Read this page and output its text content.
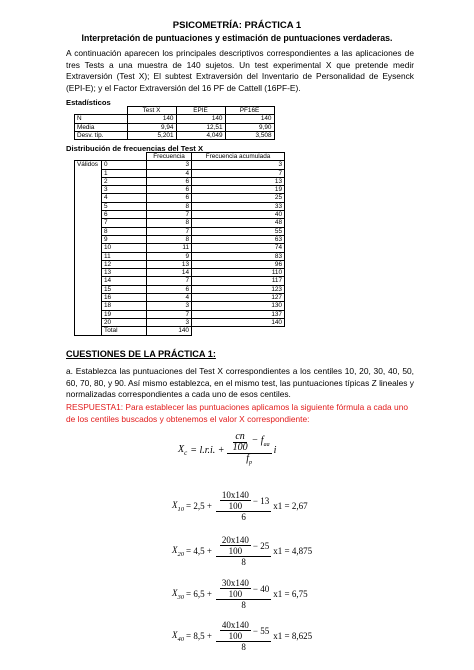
PSICOMETRÍA: PRÁCTICA 1
Interpretación de puntuaciones y estimación de puntuaciones verdaderas.
A continuación aparecen los principales descriptivos correspondientes a las aplicaciones de tres Tests a una muestra de 140 sujetos. Un test experimental X que pretende medir Extraversión (Test X); El subtest Extraversión del Inventario de Personalidad de Eysenck (EPI-E); y el Factor Extraversión del 16 PF de Cattell (16PF-E).
Estadísticos
	Test X	EPIE	PF16E
N	140	140	140
Media	9,94	12,51	9,90
Desv. típ.	5,201	4,049	3,508
Distribución de frecuencias del Test X
		Frecuencia	Frecuencia acumulada
Válidos	0	3	3
	1	4	7
	2	6	13
	3	6	19
	4	6	25
	5	8	33
	6	7	40
	7	8	48
	8	7	55
	9	8	63
	10	11	74
	11	9	83
	12	13	96
	13	14	110
	14	7	117
	15	6	123
	16	4	127
	18	3	130
	19	7	137
	20	3	140
	Total	140	
CUESTIONES DE LA PRÁCTICA 1:
a. Establezca las puntuaciones del Test X correspondientes a los centiles 10, 20, 30, 40, 50, 60, 70, 80, y 90. Así mismo establezca, en el mismo test, las puntuaciones típicas Z lineales y normalizadas correspondientes a cada uno de esos centiles.
RESPUESTA1: Para establecer las puntuaciones aplicamos la siguiente fórmula a cada uno de los centiles buscados y obtenemos el valor X correspondiente:
$X_c = l.r.i$. + $\frac{\frac{cn}{100} - f_{aa}}{f_p}$ i
$X_{10} = 2,5 + \frac{\frac{10x140}{100} - 13}{6} x1 = 2,67$
$X_{20} = 4,5 + \frac{\frac{20x140}{100} - 25}{8} x1 = 4,875$
$X_{30} = 6,5 + \frac{\frac{30x140}{100} - 40}{8} x1 = 6,75$
$X_{40} = 8,5 + \frac{\frac{40x140}{100} - 55}{8} x1 = 8,625$
